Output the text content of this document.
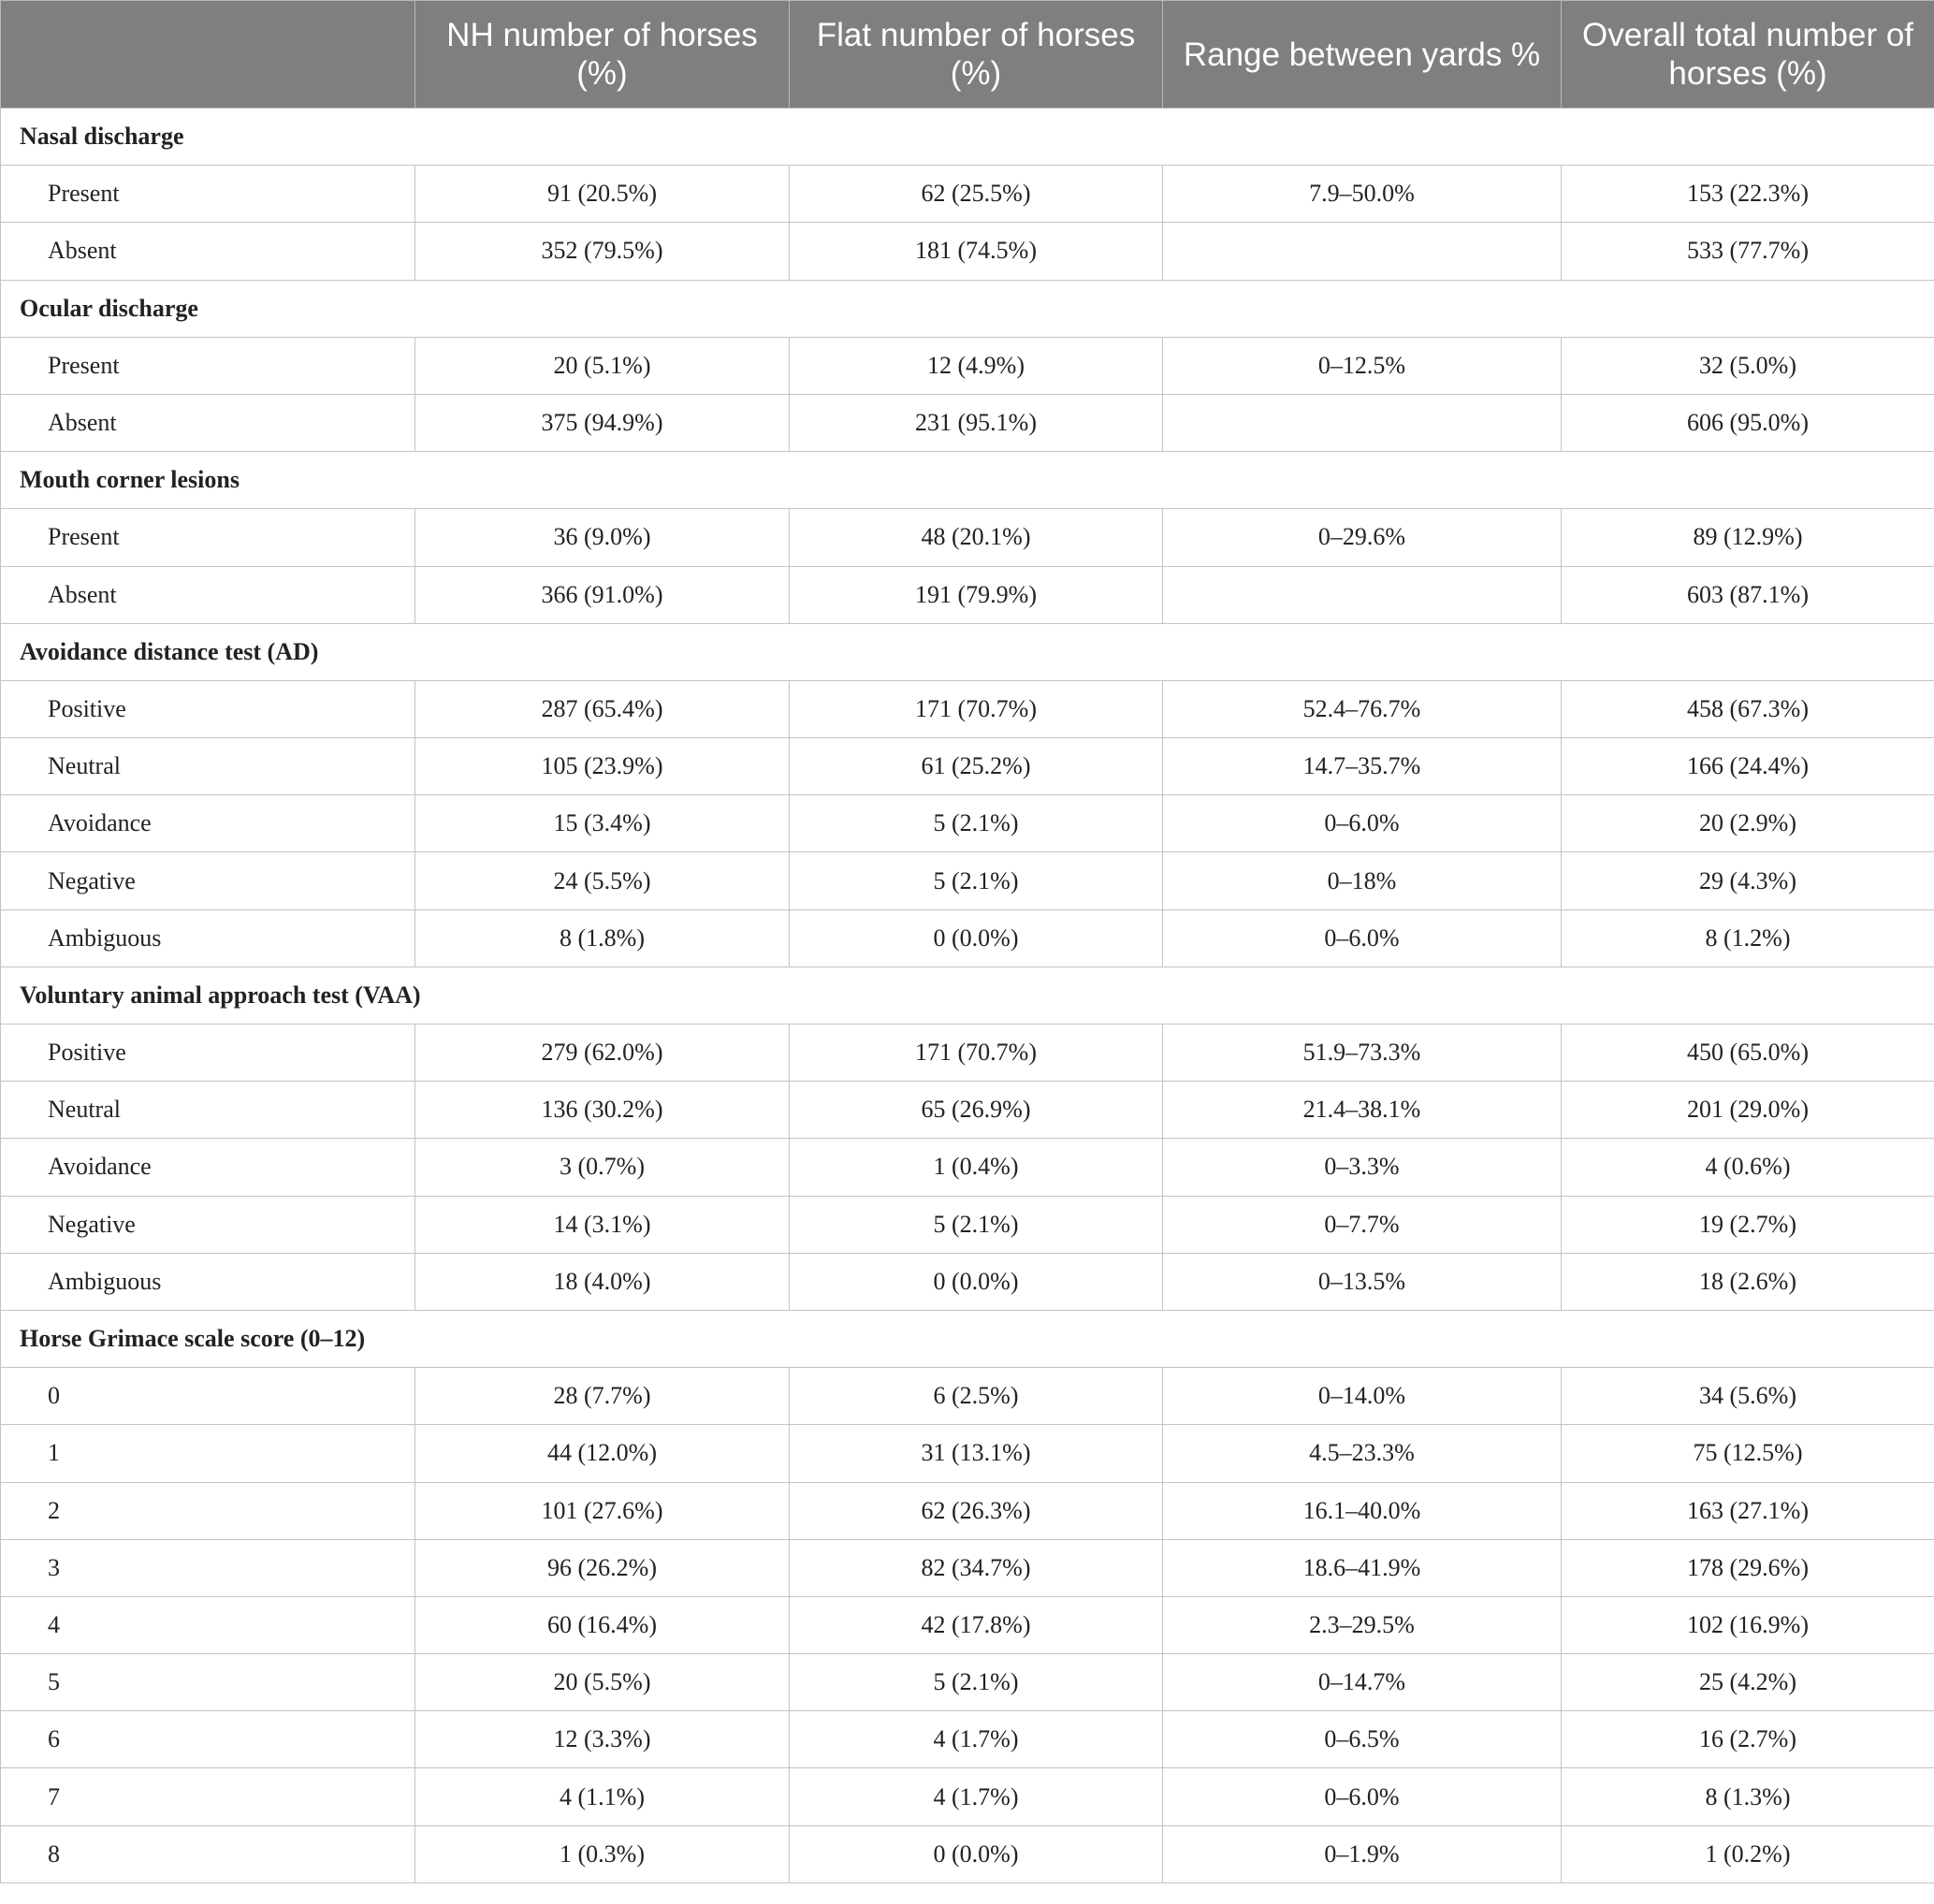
	NH number of horses (%)	Flat number of horses (%)	Range between yards %	Overall total number of horses (%)
Nasal discharge				
Present	91 (20.5%)	62 (25.5%)	7.9–50.0%	153 (22.3%)
Absent	352 (79.5%)	181 (74.5%)		533 (77.7%)
Ocular discharge				
Present	20 (5.1%)	12 (4.9%)	0–12.5%	32 (5.0%)
Absent	375 (94.9%)	231 (95.1%)		606 (95.0%)
Mouth corner lesions				
Present	36 (9.0%)	48 (20.1%)	0–29.6%	89 (12.9%)
Absent	366 (91.0%)	191 (79.9%)		603 (87.1%)
Avoidance distance test (AD)				
Positive	287 (65.4%)	171 (70.7%)	52.4–76.7%	458 (67.3%)
Neutral	105 (23.9%)	61 (25.2%)	14.7–35.7%	166 (24.4%)
Avoidance	15 (3.4%)	5 (2.1%)	0–6.0%	20 (2.9%)
Negative	24 (5.5%)	5 (2.1%)	0–18%	29 (4.3%)
Ambiguous	8 (1.8%)	0 (0.0%)	0–6.0%	8 (1.2%)
Voluntary animal approach test (VAA)				
Positive	279 (62.0%)	171 (70.7%)	51.9–73.3%	450 (65.0%)
Neutral	136 (30.2%)	65 (26.9%)	21.4–38.1%	201 (29.0%)
Avoidance	3 (0.7%)	1 (0.4%)	0–3.3%	4 (0.6%)
Negative	14 (3.1%)	5 (2.1%)	0–7.7%	19 (2.7%)
Ambiguous	18 (4.0%)	0 (0.0%)	0–13.5%	18 (2.6%)
Horse Grimace scale score (0–12)				
0	28 (7.7%)	6 (2.5%)	0–14.0%	34 (5.6%)
1	44 (12.0%)	31 (13.1%)	4.5–23.3%	75 (12.5%)
2	101 (27.6%)	62 (26.3%)	16.1–40.0%	163 (27.1%)
3	96 (26.2%)	82 (34.7%)	18.6–41.9%	178 (29.6%)
4	60 (16.4%)	42 (17.8%)	2.3–29.5%	102 (16.9%)
5	20 (5.5%)	5 (2.1%)	0–14.7%	25 (4.2%)
6	12 (3.3%)	4 (1.7%)	0–6.5%	16 (2.7%)
7	4 (1.1%)	4 (1.7%)	0–6.0%	8 (1.3%)
8	1 (0.3%)	0 (0.0%)	0–1.9%	1 (0.2%)
